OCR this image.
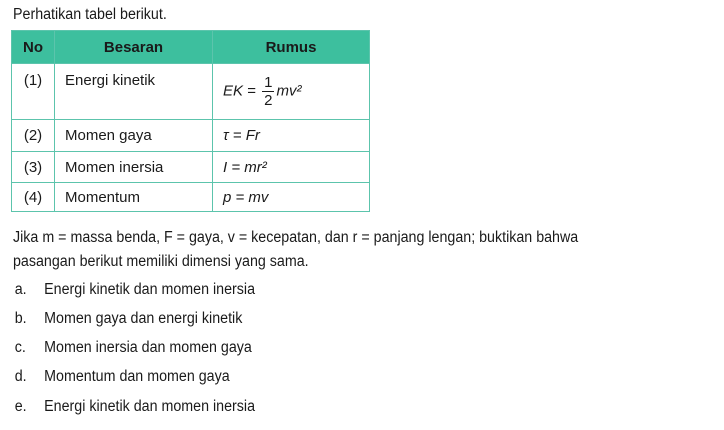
Perhatikan tabel berikut.
No	Besaran	Rumus
(1)	Energi kinetik	EK = $\frac{1}{2} mv^2$
(2)	Momen gaya	τ = Fr
(3)	Momen inersia	I = mr²
(4)	Momentum	p = mv
Jika m = massa benda, F = gaya, v = kecepatan, dan r = panjang lengan; buktikan bahwa
pasangan berikut memiliki dimensi yang sama.
a. Energi kinetik dan momen inersia
b. Momen gaya dan energi kinetik
c. Momen inersia dan momen gaya
d. Momentum dan momen gaya
e. Energi kinetik dan momen inersia
